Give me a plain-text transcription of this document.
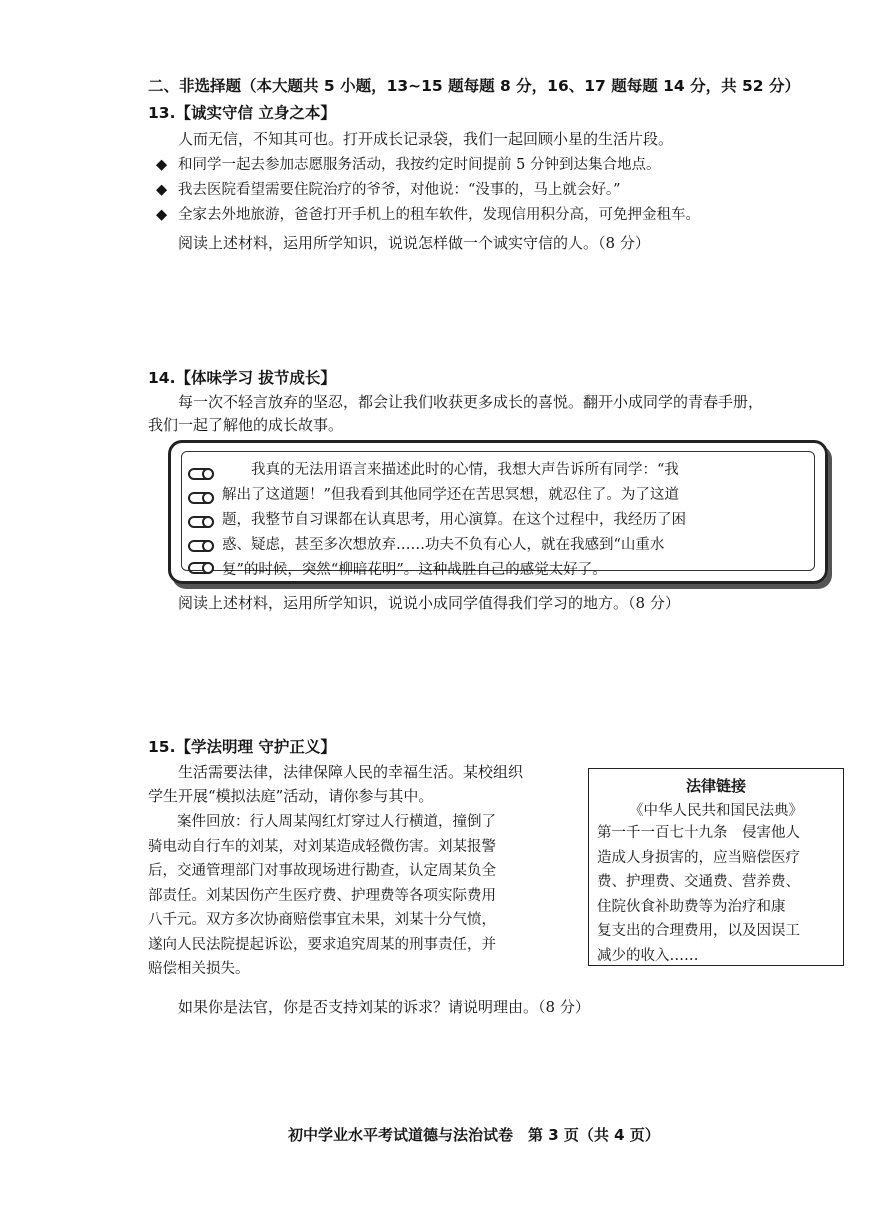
二、非选择题（本大题共 5 小题，13~15 题每题 8 分，16、17 题每题 14 分，共 52 分）
13.【诚实守信 立身之本】
人而无信，不知其可也。打开成长记录袋，我们一起回顾小星的生活片段。
◆ 和同学一起去参加志愿服务活动，我按约定时间提前 5 分钟到达集合地点。
◆ 我去医院看望需要住院治疗的爷爷，对他说：“没事的，马上就会好。”
◆ 全家去外地旅游，爸爸打开手机上的租车软件，发现信用积分高，可免押金租车。
阅读上述材料，运用所学知识，说说怎样做一个诚实守信的人。（8 分）
14.【体味学习 拔节成长】
每一次不轻言放弃的坚忍，都会让我们收获更多成长的喜悦。翻开小成同学的青春手册，
我们一起了解他的成长故事。

　　我真的无法用语言来描述此时的心情，我想大声告诉所有同学：“我

解出了这道题！”但我看到其他同学还在苦思冥想，就忍住了。为了这道

题，我整节自习课都在认真思考，用心演算。在这个过程中，我经历了困

惑、疑虑，甚至多次想放弃……功夫不负有心人，就在我感到“山重水

复”的时候，突然“柳暗花明”。这种战胜自己的感觉太好了。

阅读上述材料，运用所学知识，说说小成同学值得我们学习的地方。（8 分）
15.【学法明理 守护正义】
生活需要法律，法律保障人民的幸福生活。某校组织
学生开展“模拟法庭”活动，请你参与其中。

　　案件回放：行人周某闯红灯穿过人行横道，撞倒了

骑电动自行车的刘某，对刘某造成轻微伤害。刘某报警

后，交通管理部门对事故现场进行勘查，认定周某负全

部责任。刘某因伤产生医疗费、护理费等各项实际费用

八千元。双方多次协商赔偿事宜未果，刘某十分气愤，

遂向人民法院提起诉讼，要求追究周某的刑事责任，并

赔偿相关损失。

法律链接
《中华人民共和国民法典》

第一千一百七十九条　侵害他人

造成人身损害的，应当赔偿医疗

费、护理费、交通费、营养费、

住院伙食补助费等为治疗和康

复支出的合理费用，以及因误工

减少的收入……

如果你是法官，你是否支持刘某的诉求？请说明理由。（8 分）
初中学业水平考试道德与法治试卷　第 3 页（共 4 页）
